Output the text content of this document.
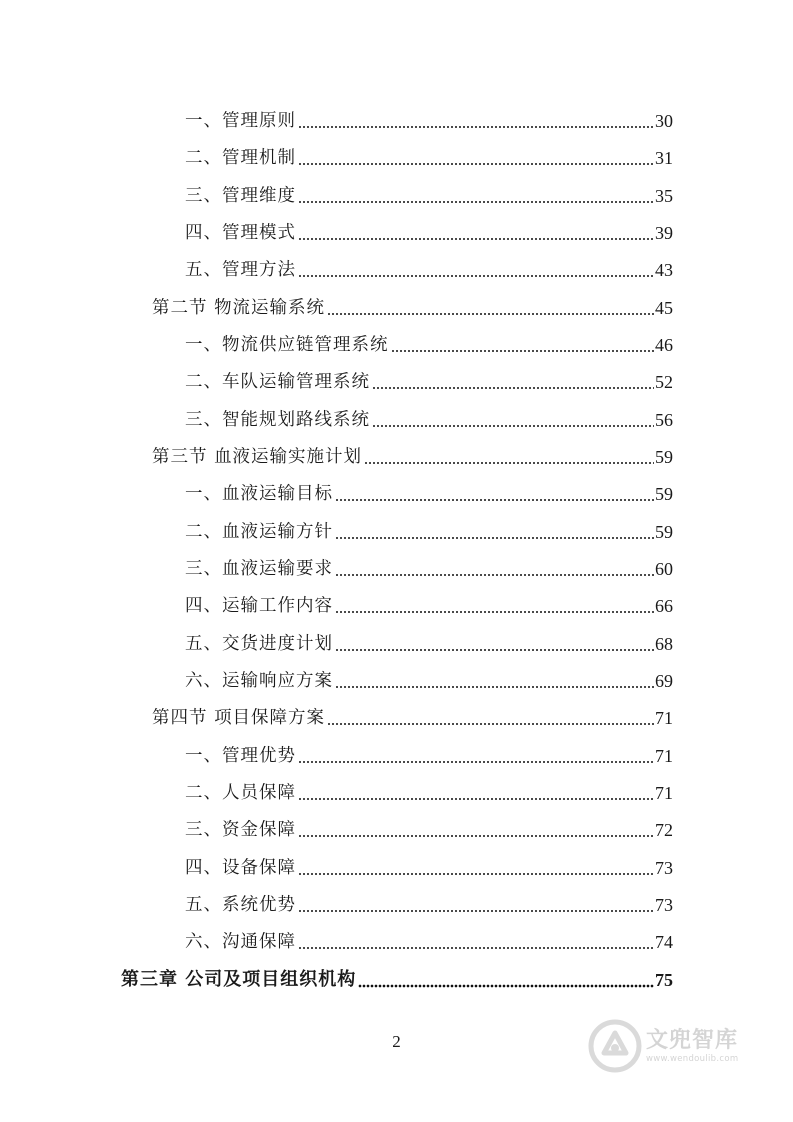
一、管理原则	30
二、管理机制	31
三、管理维度	35
四、管理模式	39
五、管理方法	43
第二节 物流运输系统	45
一、物流供应链管理系统	46
二、车队运输管理系统	52
三、智能规划路线系统	56
第三节 血液运输实施计划	59
一、血液运输目标	59
二、血液运输方针	59
三、血液运输要求	60
四、运输工作内容	66
五、交货进度计划	68
六、运输响应方案	69
第四节 项目保障方案	71
一、管理优势	71
二、人员保障	71
三、资金保障	72
四、设备保障	73
五、系统优势	73
六、沟通保障	74
第三章 公司及项目组织机构	75
2	文兜智库
www.wendoulib.com
